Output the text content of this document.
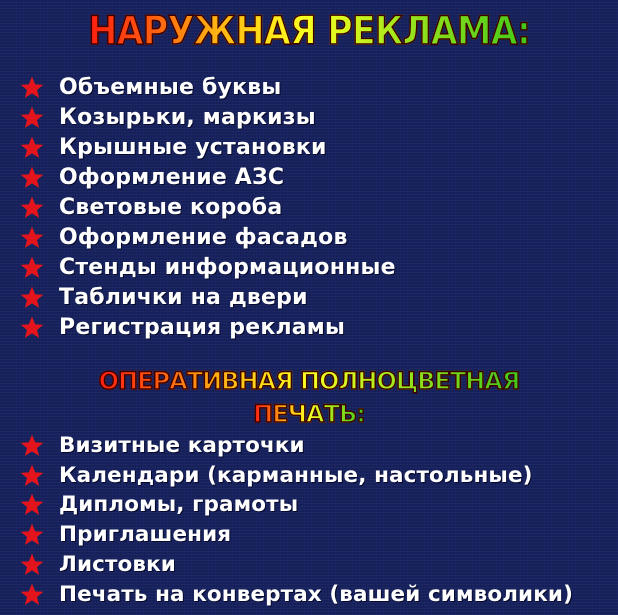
НАРУЖНАЯ РЕКЛАМА:
Объемные буквы
Козырьки, маркизы
Крышные установки
Оформление АЗС
Световые короба
Оформление фасадов
Стенды информационные
Таблички на двери
Регистрация рекламы
ОПЕРАТИВНАЯ ПОЛНОЦВЕТНАЯ
ПЕЧАТЬ:
Визитные карточки
Календари (карманные, настольные)
Дипломы, грамоты
Приглашения
Листовки
Печать на конвертах (вашей символики)
